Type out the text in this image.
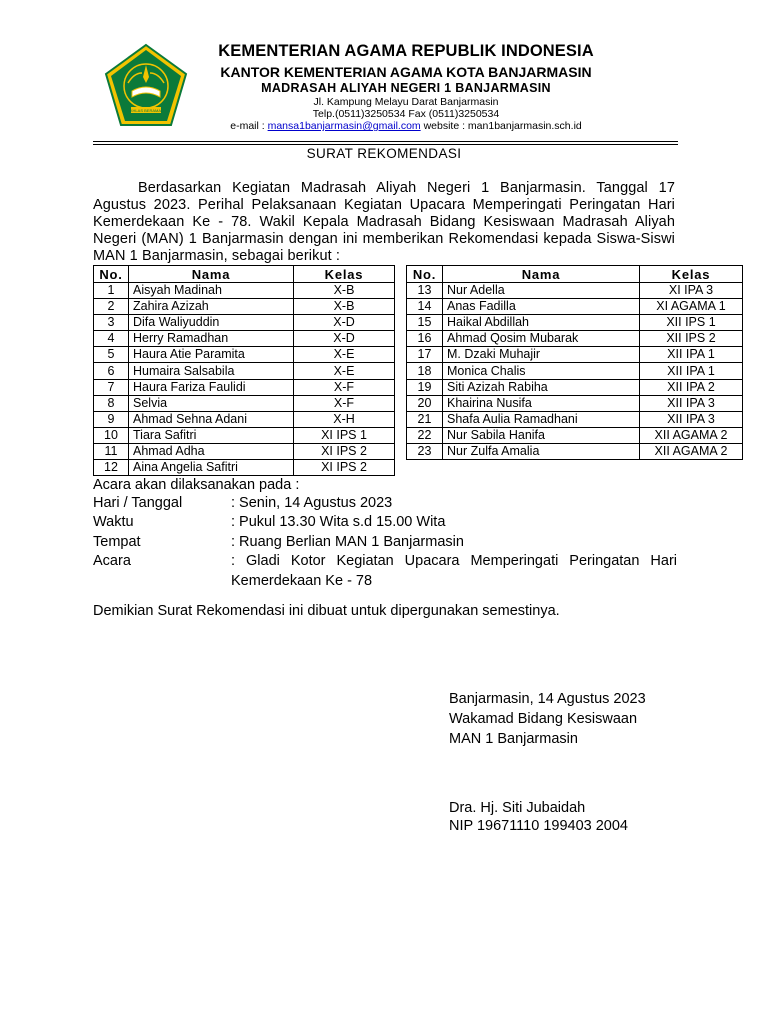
IKHLAS BERAMAL
KEMENTERIAN AGAMA REPUBLIK INDONESIA
KANTOR KEMENTERIAN AGAMA KOTA BANJARMASIN
MADRASAH ALIYAH NEGERI 1 BANJARMASIN
Jl. Kampung Melayu Darat Banjarmasin
Telp.(0511)3250534 Fax (0511)3250534
e-mail : mansa1banjarmasin@gmail.com website : man1banjarmasin.sch.id
SURAT REKOMENDASI
Berdasarkan Kegiatan Madrasah Aliyah Negeri 1 Banjarmasin. Tanggal 17 Agustus 2023. Perihal Pelaksanaan Kegiatan Upacara Memperingati Peringatan Hari Kemerdekaan Ke - 78. Wakil Kepala Madrasah Bidang Kesiswaan Madrasah Aliyah Negeri (MAN) 1 Banjarmasin dengan ini memberikan Rekomendasi kepada Siswa-Siswi MAN 1 Banjarmasin, sebagai berikut :
No.	Nama	Kelas
1	Aisyah Madinah	X-B
2	Zahira Azizah	X-B
3	Difa Waliyuddin	X-D
4	Herry Ramadhan	X-D
5	Haura Atie Paramita	X-E
6	Humaira Salsabila	X-E
7	Haura Fariza Faulidi	X-F
8	Selvia	X-F
9	Ahmad Sehna Adani	X-H
10	Tiara Safitri	XI IPS 1
11	Ahmad Adha	XI IPS 2
12	Aina Angelia Safitri	XI IPS 2
No.	Nama	Kelas
13	Nur Adella	XI IPA 3
14	Anas Fadilla	XI AGAMA 1
15	Haikal Abdillah	XII IPS 1
16	Ahmad Qosim Mubarak	XII IPS 2
17	M. Dzaki Muhajir	XII IPA 1
18	Monica Chalis	XII IPA 1
19	Siti Azizah Rabiha	XII IPA 2
20	Khairina Nusifa	XII IPA 3
21	Shafa Aulia Ramadhani	XII IPA 3
22	Nur Sabila Hanifa	XII AGAMA 2
23	Nur Zulfa Amalia	XII AGAMA 2
Acara akan dilaksanakan pada :
Hari / Tanggal	: Senin, 14 Agustus 2023
Waktu	: Pukul 13.30 Wita s.d 15.00 Wita
Tempat	: Ruang Berlian MAN 1 Banjarmasin
Acara	: Gladi Kotor Kegiatan Upacara Memperingati Peringatan Hari Kemerdekaan Ke - 78
Demikian Surat Rekomendasi ini dibuat untuk dipergunakan semestinya.
Banjarmasin, 14 Agustus 2023
Wakamad Bidang Kesiswaan
MAN 1 Banjarmasin
Dra. Hj. Siti Jubaidah
NIP 19671110 199403 2004
